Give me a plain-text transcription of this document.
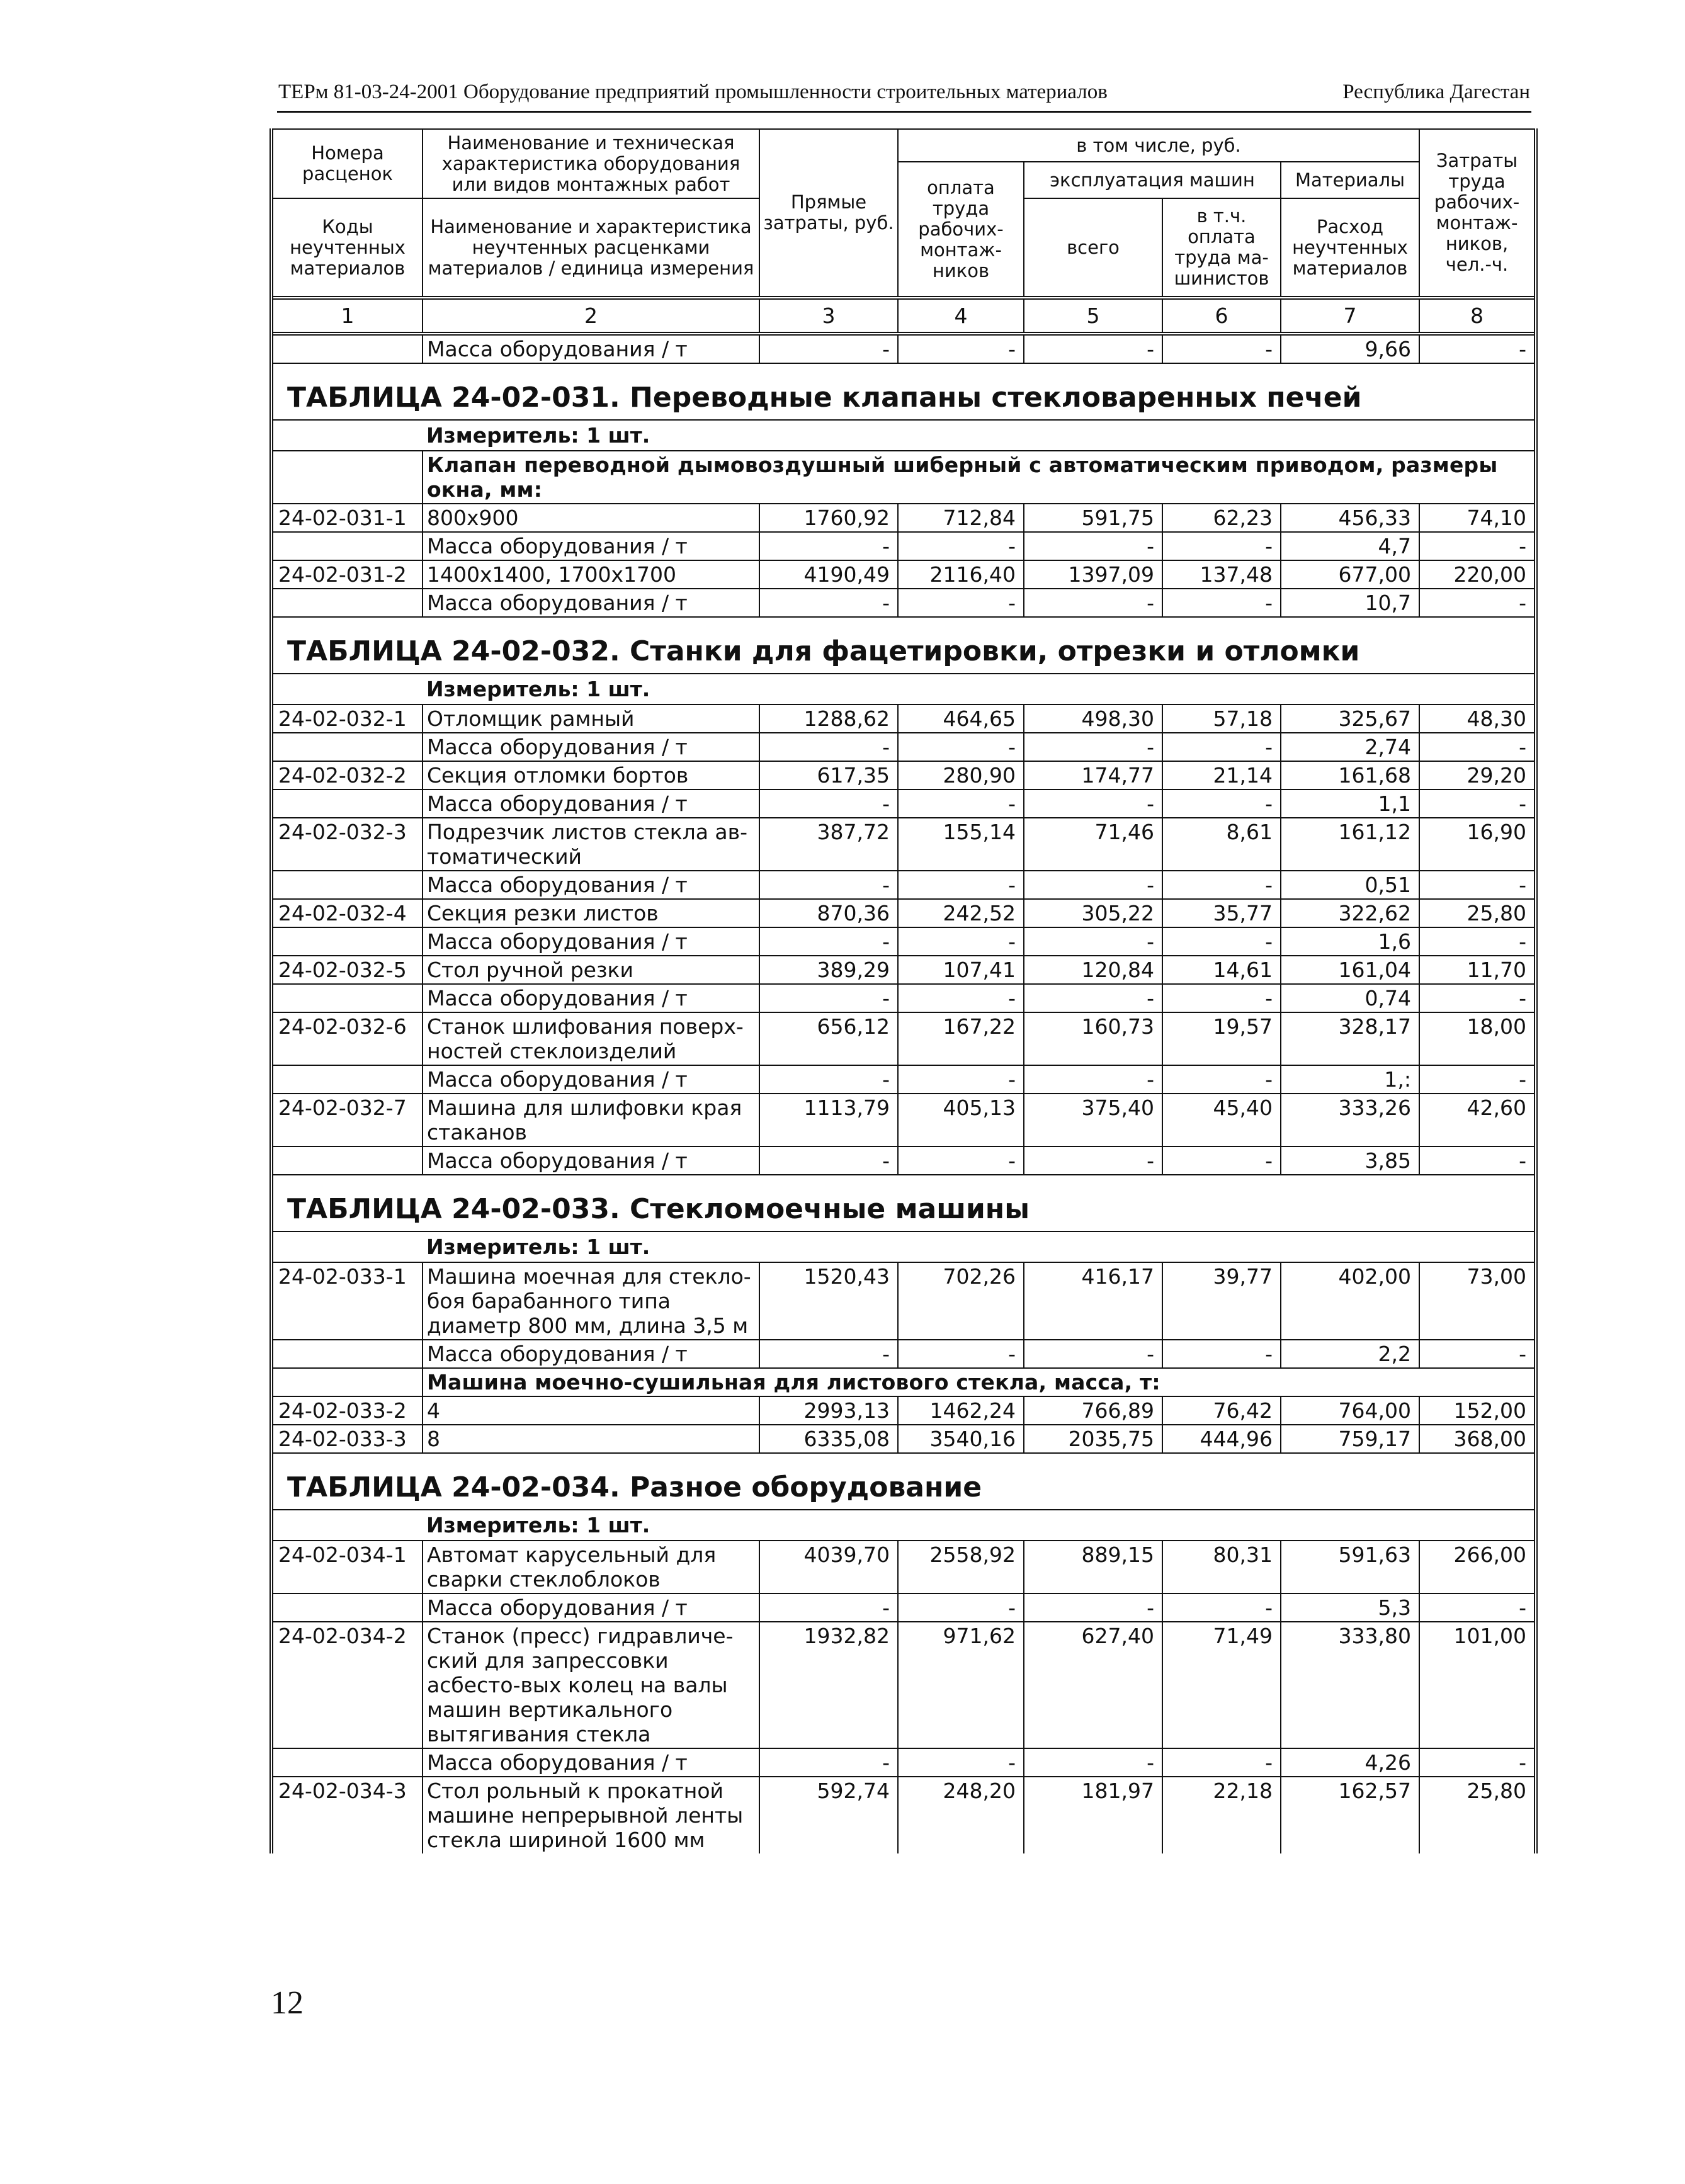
ТЕРм 81-03-24-2001 Оборудование предприятий промышленности строительных материалов	Республика Дагестан
Номера расценок	Наименование и техническая характеристика оборудования или видов монтажных работ	Прямые затраты, руб.	в том числе, руб.				Затраты труда рабочих-монтаж-ников, чел.-ч.
			оплата труда рабочих-монтаж-ников	эксплуатация машин		Материалы	
Коды неучтенных материалов	Наименование и характеристика неучтенных расценками материалов / единица измерения			всего	в т.ч. оплата труда ма-шинистов	Расход неучтенных материалов	

1	2	3	4	5	6	7	8
	Масса оборудования / т	-	-	-	-	9,66	-
ТАБЛИЦА 24-02-031. Переводные клапаны стекловаренных печей							
	Измеритель: 1 шт.						
	Клапан переводной дымовоздушный шиберный с автоматическим приводом, размеры окна, мм:						
24-02-031-1	800x900	1760,92	712,84	591,75	62,23	456,33	74,10
	Масса оборудования / т	-	-	-	-	4,7	-
24-02-031-2	1400x1400, 1700x1700	4190,49	2116,40	1397,09	137,48	677,00	220,00
	Масса оборудования / т	-	-	-	-	10,7	-
ТАБЛИЦА 24-02-032. Станки для фацетировки, отрезки и отломки							
	Измеритель: 1 шт.						
24-02-032-1	Отломщик рамный	1288,62	464,65	498,30	57,18	325,67	48,30
	Масса оборудования / т	-	-	-	-	2,74	-
24-02-032-2	Секция отломки бортов	617,35	280,90	174,77	21,14	161,68	29,20
	Масса оборудования / т	-	-	-	-	1,1	-
24-02-032-3	Подрезчик листов стекла ав-томатический	387,72	155,14	71,46	8,61	161,12	16,90
	Масса оборудования / т	-	-	-	-	0,51	-
24-02-032-4	Секция резки листов	870,36	242,52	305,22	35,77	322,62	25,80
	Масса оборудования / т	-	-	-	-	1,6	-
24-02-032-5	Стол ручной резки	389,29	107,41	120,84	14,61	161,04	11,70
	Масса оборудования / т	-	-	-	-	0,74	-
24-02-032-6	Станок шлифования поверх-ностей стеклоизделий	656,12	167,22	160,73	19,57	328,17	18,00
	Масса оборудования / т	-	-	-	-	1,:	-
24-02-032-7	Машина для шлифовки края стаканов	1113,79	405,13	375,40	45,40	333,26	42,60
	Масса оборудования / т	-	-	-	-	3,85	-
ТАБЛИЦА 24-02-033. Стекломоечные машины							
	Измеритель: 1 шт.						
24-02-033-1	Машина моечная для стекло-боя барабанного типа диаметр 800 мм, длина 3,5 м	1520,43	702,26	416,17	39,77	402,00	73,00
	Масса оборудования / т	-	-	-	-	2,2	-
	Машина моечно-сушильная для листового стекла, масса, т:						
24-02-033-2	4	2993,13	1462,24	766,89	76,42	764,00	152,00
24-02-033-3	8	6335,08	3540,16	2035,75	444,96	759,17	368,00
ТАБЛИЦА 24-02-034. Разное оборудование							
	Измеритель: 1 шт.						
24-02-034-1	Автомат карусельный для сварки стеклоблоков	4039,70	2558,92	889,15	80,31	591,63	266,00
	Масса оборудования / т	-	-	-	-	5,3	-
24-02-034-2	Станок (пресс) гидравличе-ский для запрессовки асбесто-вых колец на валы машин вертикального вытягивания стекла	1932,82	971,62	627,40	71,49	333,80	101,00
	Масса оборудования / т	-	-	-	-	4,26	-
24-02-034-3	Стол рольный к прокатной машине непрерывной ленты стекла шириной 1600 мм	592,74	248,20	181,97	22,18	162,57	25,80
12
